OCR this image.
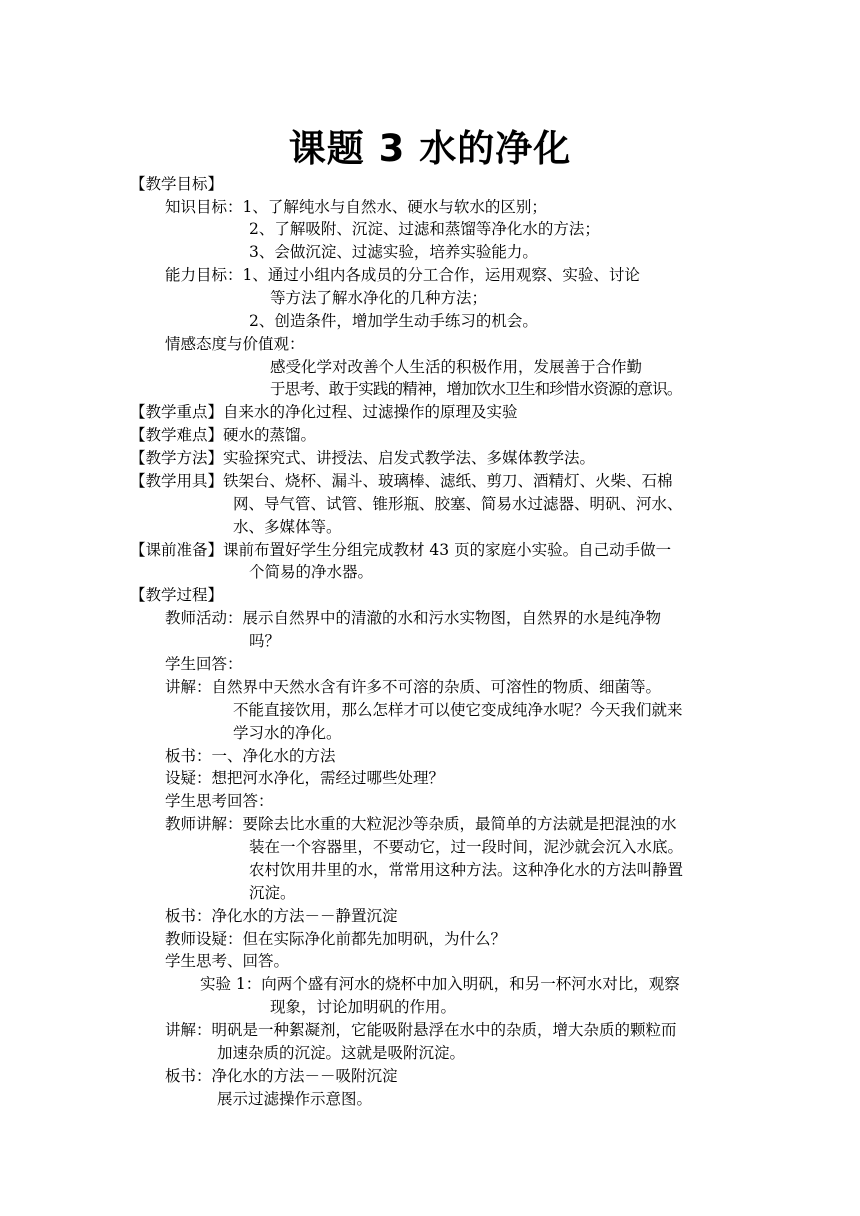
课题 3 水的净化
【教学目标】
知识目标：1、了解纯水与自然水、硬水与软水的区别；
2、了解吸附、沉淀、过滤和蒸馏等净化水的方法；
3、会做沉淀、过滤实验，培养实验能力。
能力目标：1、通过小组内各成员的分工合作，运用观察、实验、讨论
等方法了解水净化的几种方法；
2、创造条件，增加学生动手练习的机会。
情感态度与价值观：
感受化学对改善个人生活的积极作用，发展善于合作勤
于思考、敢于实践的精神，增加饮水卫生和珍惜水资源的意识。
【教学重点】自来水的净化过程、过滤操作的原理及实验
【教学难点】硬水的蒸馏。
【教学方法】实验探究式、讲授法、启发式教学法、多媒体教学法。
【教学用具】铁架台、烧杯、漏斗、玻璃棒、滤纸、剪刀、酒精灯、火柴、石棉
网、导气管、试管、锥形瓶、胶塞、简易水过滤器、明矾、河水、
水、多媒体等。
【课前准备】课前布置好学生分组完成教材 43 页的家庭小实验。自己动手做一
个简易的净水器。
【教学过程】
教师活动：展示自然界中的清澈的水和污水实物图，自然界的水是纯净物
吗？
学生回答：
讲解：自然界中天然水含有许多不可溶的杂质、可溶性的物质、细菌等。
不能直接饮用，那么怎样才可以使它变成纯净水呢？今天我们就来
学习水的净化。
板书：一、净化水的方法
设疑：想把河水净化，需经过哪些处理？
学生思考回答：
教师讲解：要除去比水重的大粒泥沙等杂质，最简单的方法就是把混浊的水
装在一个容器里，不要动它，过一段时间，泥沙就会沉入水底。
农村饮用井里的水，常常用这种方法。这种净化水的方法叫静置
沉淀。
板书：净化水的方法－－静置沉淀
教师设疑：但在实际净化前都先加明矾，为什么？
学生思考、回答。
实验 1：向两个盛有河水的烧杯中加入明矾，和另一杯河水对比，观察
现象，讨论加明矾的作用。
讲解：明矾是一种絮凝剂，它能吸附悬浮在水中的杂质，增大杂质的颗粒而
加速杂质的沉淀。这就是吸附沉淀。
板书：净化水的方法－－吸附沉淀
展示过滤操作示意图。
